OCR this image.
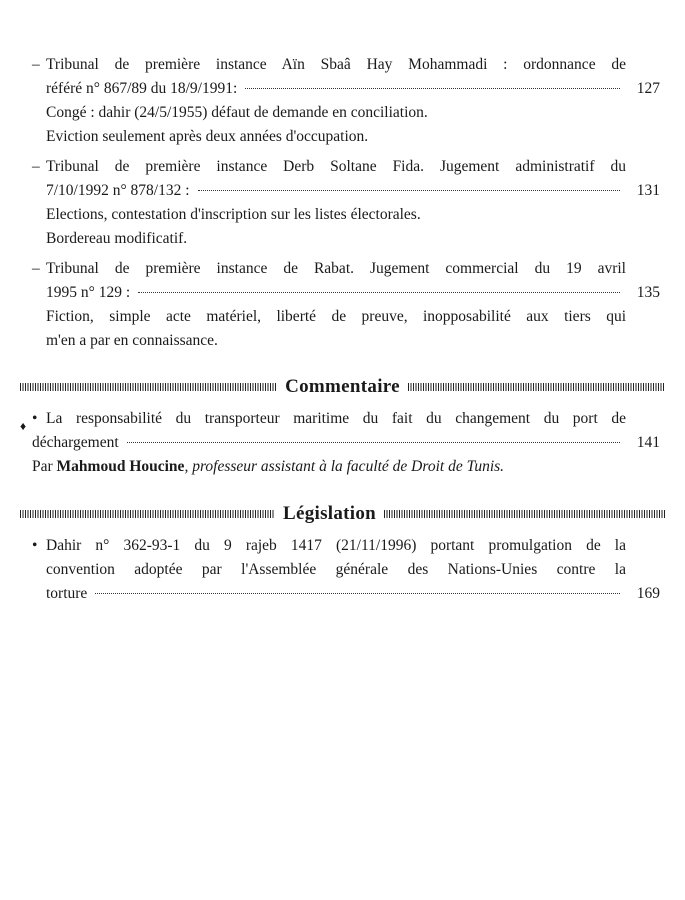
– Tribunal de première instance Aïn Sbaâ Hay Mohammadi : ordonnance de
référé n° 867/89 du 18/9/1991:	127
Congé : dahir (24/5/1955) défaut de demande en conciliation.
Eviction seulement après deux années d'occupation.
– Tribunal de première instance Derb Soltane Fida. Jugement administratif du
7/10/1992 n° 878/132 :	131
Elections, contestation d'inscription sur les listes électorales.
Bordereau modificatif.
– Tribunal de première instance de Rabat. Jugement commercial du 19 avril
1995 n° 129 :	135
Fiction, simple acte matériel, liberté de preuve, inopposabilité aux tiers qui
m'en a par en connaissance.
Commentaire
♦ • La responsabilité du transporteur maritime du fait du changement du port de
déchargement	141
Par
Mahmoud Houcine , professeur assistant à la faculté de Droit de Tunis.
Législation
• Dahir n° 362-93-1 du 9 rajeb 1417 (21/11/1996) portant promulgation de la
convention adoptée par l'Assemblée générale des Nations-Unies contre la
torture	169
